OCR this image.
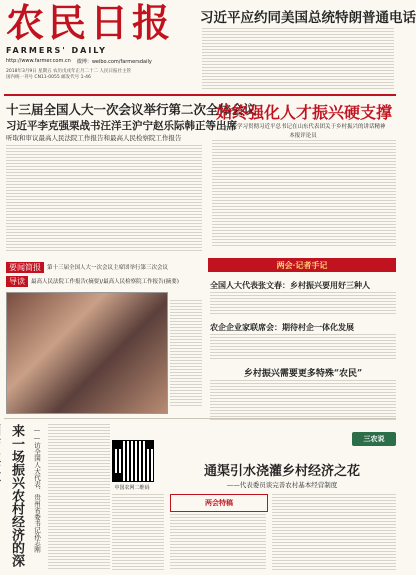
农民日报
FARMERS' DAILY
http://www.farmer.com.cn 微博：weibo.com/farmersdaily
2018年3月9日 星期五 农历戊戌年正月二十二 人民日报社主管
国内统一刊号 CN11-0055 邮发代号 1-46
习近平应约同美国总统特朗普通电话
十三届全国人大一次会议举行第二次全体会议
习近平李克强栗战书汪洋王沪宁赵乐际韩正等出席
听取和审议最高人民法院工作报告和最高人民检察院工作报告
始终强化人才振兴硬支撑
——论学习贯彻习近平总书记在山东代表团关于乡村振兴的讲话精神
本报评论员
要闻简报	第十三届全国人大一次会议主席团举行第三次会议
导读	最高人民法院工作报告(摘要)/最高人民检察院工作报告(摘要)
两会·记者手记
全国人大代表张文春：乡村振兴要用好三种人
农企企业家联席会：期待村企一体化发展
乡村振兴需要更多特殊“农民”
来一场振兴农村经济的深
——访全国人大代表、贵州省委书记孙志刚	中国农网二维码
三农说
通渠引水浇灌乡村经济之花
——代表委员谈完善农村基本经营制度
两会特稿
